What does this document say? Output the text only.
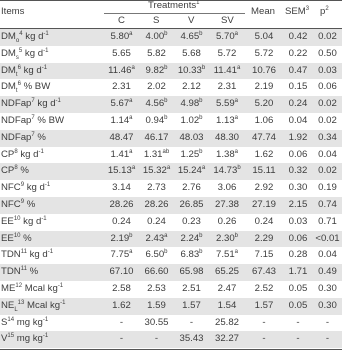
Items
Treatments$^1$
C	S	V	SV
Mean SEM$^3$ $p^2$
$DM_o^4$ kg $d^{-1}$	5.80$^a$	4.00$^b$	4.65$^b$	5.70$^a$	5.04	0.42	0.02
$DM_s^5$ kg $d^{-1}$	5.65	5.82	5.68	5.72	5.72	0.22	0.50
$DM_t^6$ kg $d^{-1}$	11.46$^a$	9.82$^b$	10.33$^b$ 11.41$^a$	10.76	0.47	0.03
$DM_t^6$ % BW	2.31	2.02	2.12	2.31	2.19	0.15	0.06
NDFap$^7$ kg $d^{-1}$	5.67$^a$	4.56$^b$	4.98$^b$	5.59$^a$	5.20	0.24	0.02
NDFap$^7$ % BW	1.14$^a$	0.94$^b$	1.02$^b$	1.13$^a$	1.06	0.04	0.02
NDFap$^7$ %	48.47	46.17	48.03	48.30	47.74	1.92	0.34
$CP^8$ kg $d^{-1}$	1.41$^a$	1.31$^{ab}$	1.25$^b$	1.38$^a$	1.62	0.06	0.04
$CP^8$ %	15.13$^a$ 15.32$^a$ 15.24$^a$ 14.73$^b$	15.11	0.32	0.02
NFC$^9$ kg $d^{-1}$	3.14	2.73	2.76	3.06	2.92	0.30	0.19
NFC$^9$ %	28.26	28.26	26.85	27.38	27.19	2.15	0.74
EE$^{10}$ kg $d^{-1}$	0.24	0.24	0.23	0.26	0.24	0.03	0.71
EE$^{10}$ %	2.19$^b$	2.43$^a$	2.24$^b$	2.30$^b$	2.29	0.06 <0.01
TDN$^{11}$ kg $d^{-1}$	7.75$^a$	6.50$^b$	6.83$^b$	7.51$^a$	7.15	0.28	0.04
TDN$^{11}$ %	67.10	66.60	65.98	65.25	67.43	1.71	0.49
ME$^{12}$ Mcal $kg^{-1}$	2.58	2.53	2.51	2.47	2.52	0.05	0.30
$NE_L^{13}$ Mcal $kg^{-1}$	1.62	1.59	1.57	1.54	1.57	0.05	0.30
$S^{14}$ mg $kg^{-1}$	-	30.55	-	25.82	-	-	-
$V^{15}$ mg $kg^{-1}$	-	-	35.43	32.27	-	-	-
